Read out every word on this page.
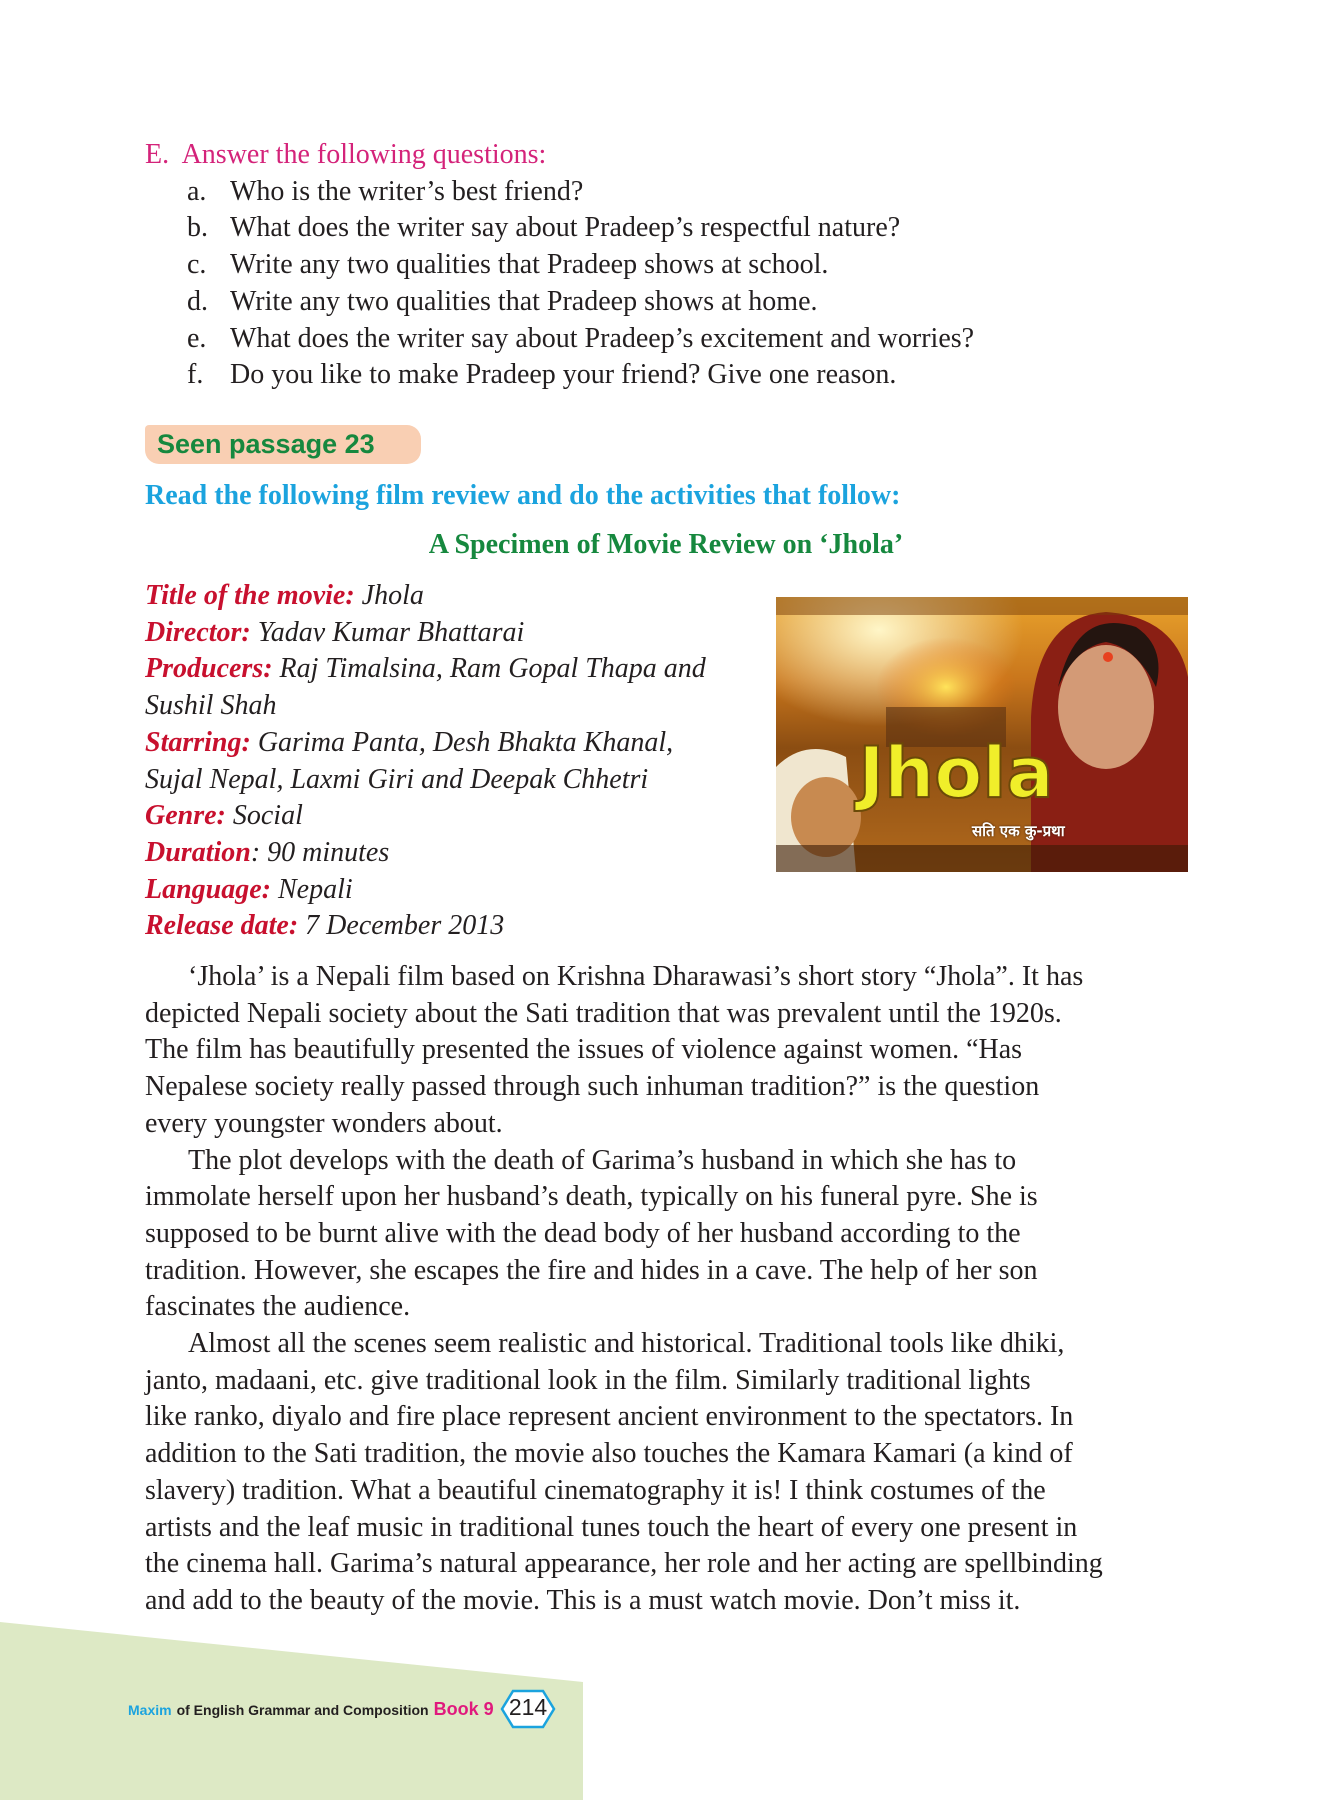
E. Answer the following questions:
a. Who is the writer’s best friend?
b. What does the writer say about Pradeep’s respectful nature?
c. Write any two qualities that Pradeep shows at school.
d. Write any two qualities that Pradeep shows at home.
e. What does the writer say about Pradeep’s excitement and worries?
f. Do you like to make Pradeep your friend? Give one reason.
Seen passage 23
Read the following film review and do the activities that follow:
A Specimen of Movie Review on ‘Jhola’
Title of the movie: Jhola
Director: Yadav Kumar Bhattarai
Producers: Raj Timalsina, Ram Gopal Thapa and
Sushil Shah
Starring: Garima Panta, Desh Bhakta Khanal,
Sujal Nepal, Laxmi Giri and Deepak Chhetri
Genre: Social
Duration: 90 minutes
Language: Nepali
Release date: 7 December 2013
Jhola
सति एक कु-प्रथा
‘Jhola’ is a Nepali film based on Krishna Dharawasi’s short story “Jhola”. It has
depicted Nepali society about the Sati tradition that was prevalent until the 1920s.
The film has beautifully presented the issues of violence against women. “Has
Nepalese society really passed through such inhuman tradition?” is the question
every youngster wonders about.
The plot develops with the death of Garima’s husband in which she has to
immolate herself upon her husband’s death, typically on his funeral pyre. She is
supposed to be burnt alive with the dead body of her husband according to the
tradition. However, she escapes the fire and hides in a cave. The help of her son
fascinates the audience.
Almost all the scenes seem realistic and historical. Traditional tools like dhiki,
janto, madaani, etc. give traditional look in the film. Similarly traditional lights
like ranko, diyalo and fire place represent ancient environment to the spectators. In
addition to the Sati tradition, the movie also touches the Kamara Kamari (a kind of
slavery) tradition. What a beautiful cinematography it is! I think costumes of the
artists and the leaf music in traditional tunes touch the heart of every one present in
the cinema hall. Garima’s natural appearance, her role and her acting are spellbinding
and add to the beauty of the movie. This is a must watch movie. Don’t miss it.
Maxim of English Grammar and Composition Book 9 214
